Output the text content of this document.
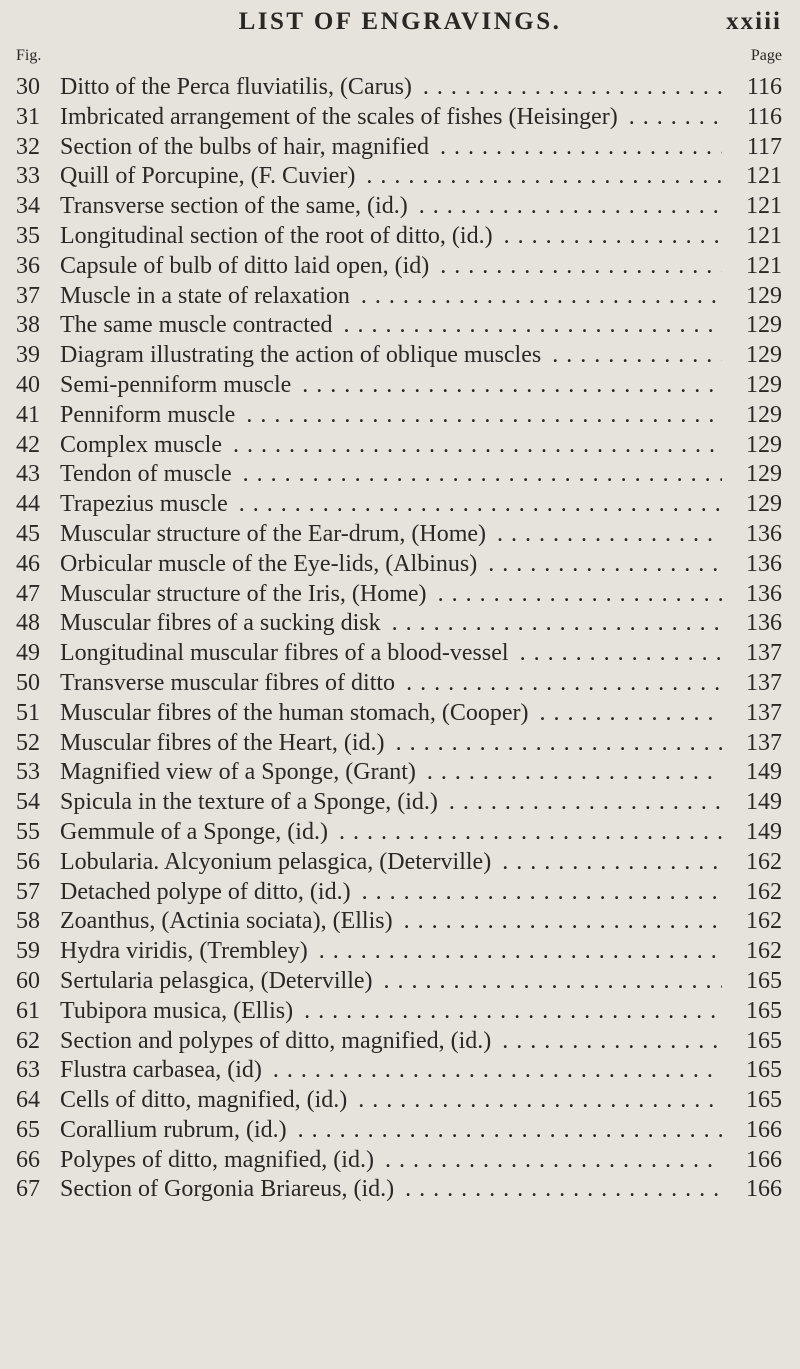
LIST OF ENGRAVINGS.	xxiii
Fig.	Page
30 Ditto of the Perca fluviatilis, (Carus) . . .	116
31 Imbricated arrangement of the scales of fishes (Heisinger) . . .	116
32 Section of the bulbs of hair, magnified . . .	117
33 Quill of Porcupine, (F. Cuvier) . . .	121
34 Transverse section of the same, (id.) . . .	121
35 Longitudinal section of the root of ditto, (id.) . . .	121
36 Capsule of bulb of ditto laid open, (id) . . .	121
37 Muscle in a state of relaxation . . .	129
38 The same muscle contracted . . .	129
39 Diagram illustrating the action of oblique muscles . . .	129
40 Semi-penniform muscle . . .	129
41 Penniform muscle . . .	129
42 Complex muscle . . .	129
43 Tendon of muscle . . .	129
44 Trapezius muscle . . .	129
45 Muscular structure of the Ear-drum, (Home) . . .	136
46 Orbicular muscle of the Eye-lids, (Albinus) . . .	136
47 Muscular structure of the Iris, (Home) . . .	136
48 Muscular fibres of a sucking disk . . .	136
49 Longitudinal muscular fibres of a blood-vessel . . .	137
50 Transverse muscular fibres of ditto . . .	137
51 Muscular fibres of the human stomach, (Cooper) . . .	137
52 Muscular fibres of the Heart, (id.) . . .	137
53 Magnified view of a Sponge, (Grant) . . .	149
54 Spicula in the texture of a Sponge, (id.) . . .	149
55 Gemmule of a Sponge, (id.) . . .	149
56 Lobularia. Alcyonium pelasgica, (Deterville) . . .	162
57 Detached polype of ditto, (id.) . . .	162
58 Zoanthus, (Actinia sociata), (Ellis) . . .	162
59 Hydra viridis, (Trembley) . . .	162
60 Sertularia pelasgica, (Deterville) . . .	165
61 Tubipora musica, (Ellis) . . .	165
62 Section and polypes of ditto, magnified, (id.) . . .	165
63 Flustra carbasea, (id) . . .	165
64 Cells of ditto, magnified, (id.) . . .	165
65 Corallium rubrum, (id.) . . .	166
66 Polypes of ditto, magnified, (id.) . . .	166
67 Section of Gorgonia Briareus, (id.) . . .	166
